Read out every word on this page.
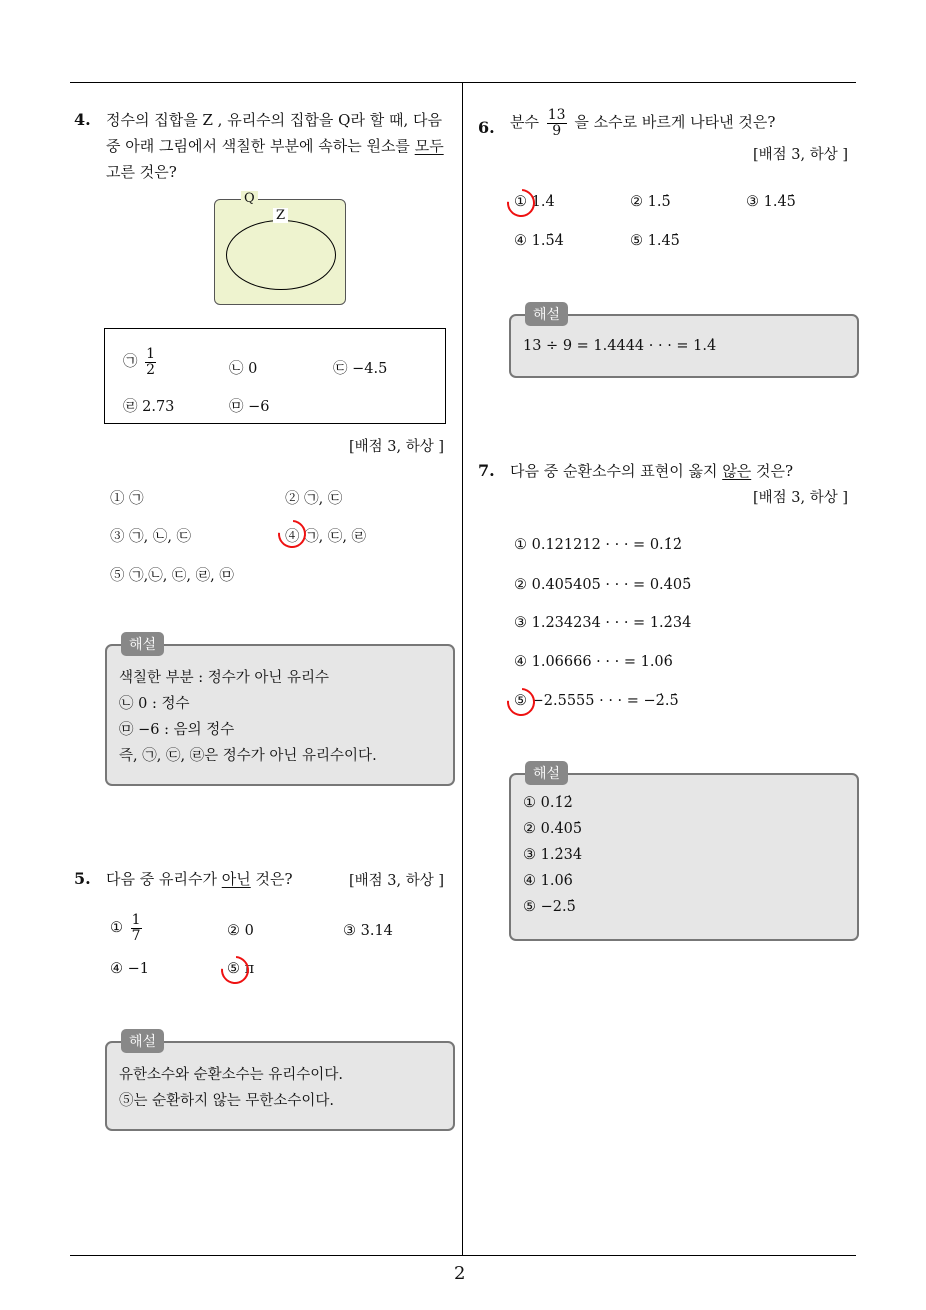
2
4. 정수의 집합을 Z , 유리수의 집합을 Q라 할 때, 다음
중 아래 그림에서 색칠한 부분에 속하는 원소를 모두
고른 것은?
Q
Z
㉠ $\frac{1}{2}$	㉡ 0	㉢ −4.5
㉣ 2.73	㉤ −6
[배점 3, 하상 ]
① ㉠	② ㉠, ㉢
③ ㉠, ㉡, ㉢	④ ㉠, ㉢, ㉣
⑤ ㉠,㉡, ㉢, ㉣, ㉤
해설
색칠한 부분 : 정수가 아닌 유리수
㉡ 0 : 정수
㉤ −6 : 음의 정수
즉, ㉠, ㉢, ㉣은 정수가 아닌 유리수이다.
5. 다음 중 유리수가 아닌 것은?	[배점 3, 하상 ]
① $\frac{1}{7}$	② 0	③ 3.14
④ −1	⑤ π
해설
유한소수와 순환소수는 유리수이다.
⑤는 순환하지 않는 무한소수이다.
6. 분수 $\frac{13}{9}$ 을 소수로 바르게 나타낸 것은?
[배점 3, 하상 ]
① 1.4̇	② 1.5̇	③ 1.4̇5̇
④ 1.5̇4̇	⑤ 1.45̇
해설
13 ÷ 9 = 1.4444 · · · = 1.4̇
7. 다음 중 순환소수의 표현이 옳지 않은 것은?
[배점 3, 하상 ]
① 0.121212 · · · = 0.1̇2̇
② 0.405405 · · · = 0.4̇05̇
③ 1.234234 · · · = 1.2̇34̇
④ 1.06666 · · · = 1.06̇
⑤ −2.5555 · · · = −2̇.5̇
해설
① 0.1̇2̇
② 0.4̇05̇
③ 1.2̇34̇
④ 1.06̇
⑤ −2.5̇
